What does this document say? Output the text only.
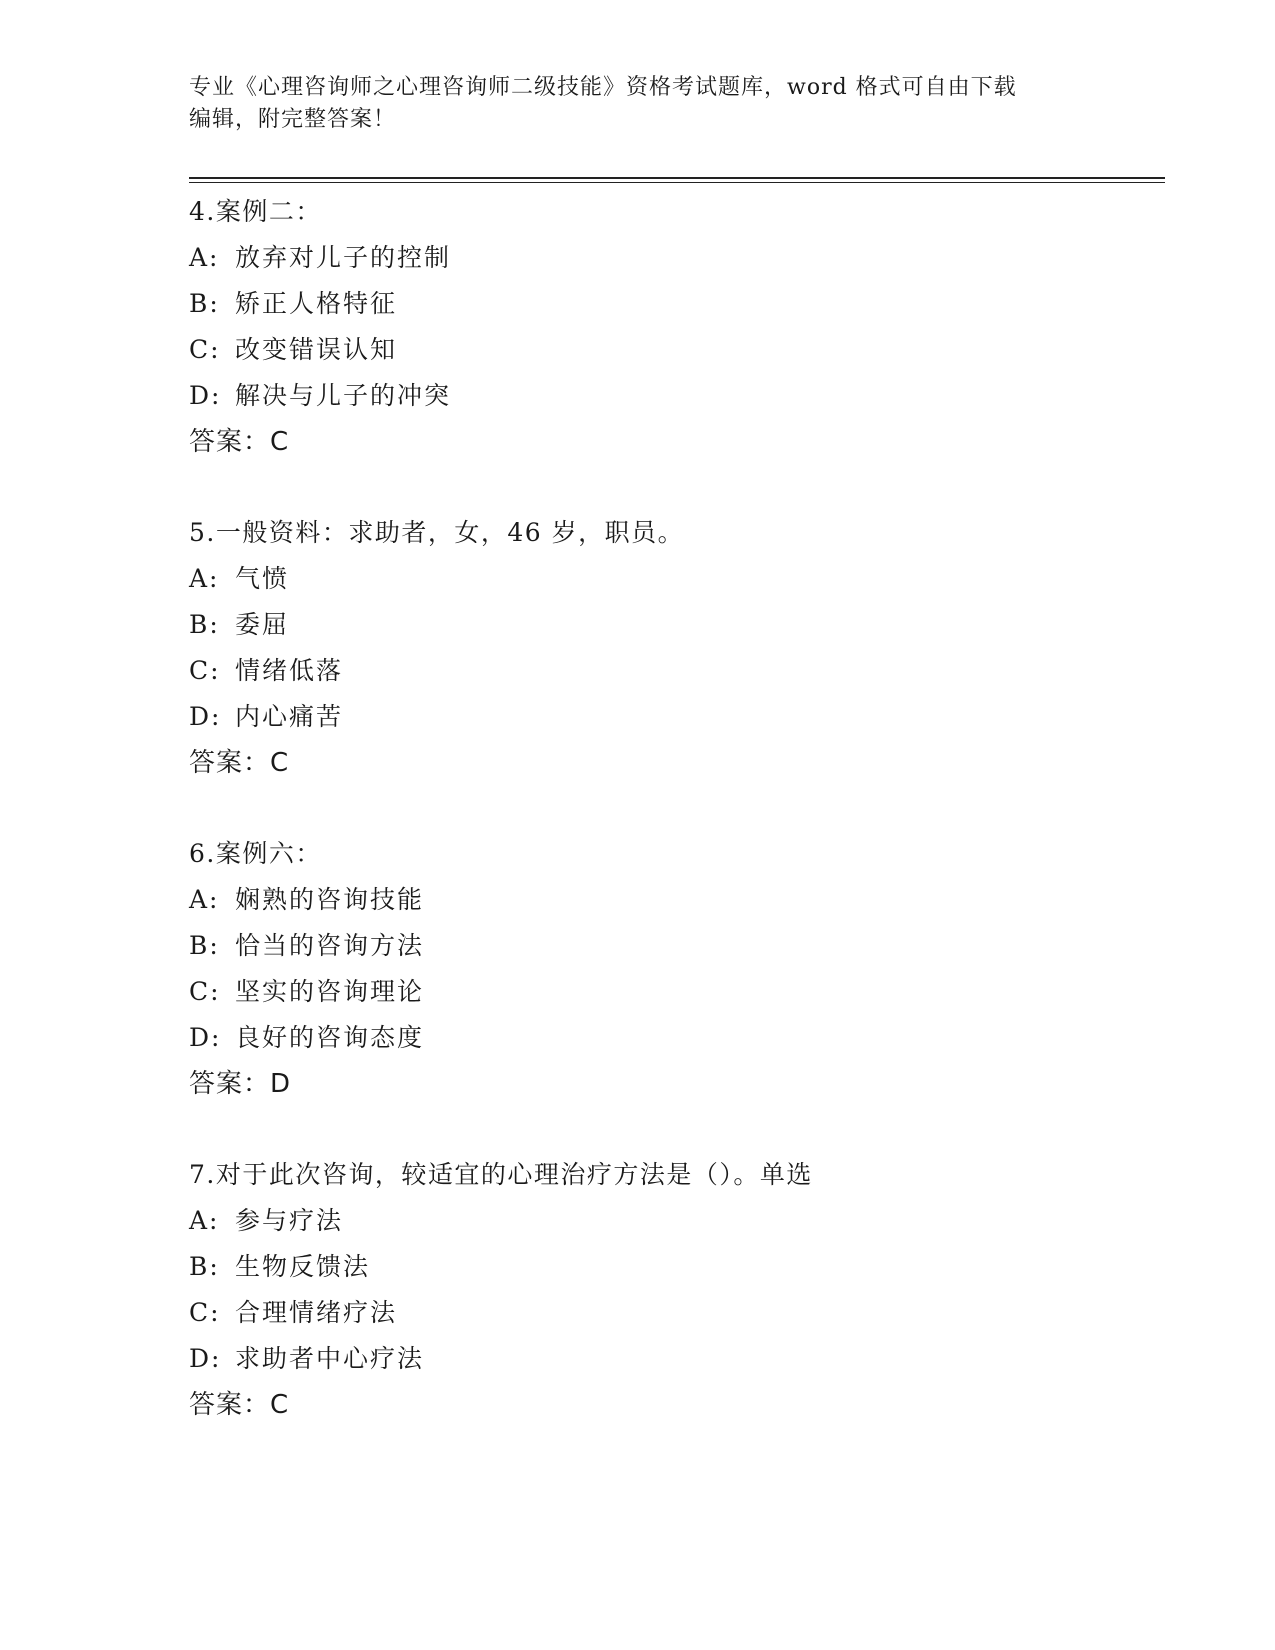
专业《心理咨询师之心理咨询师二级技能》资格考试题库，word 格式可自由下载
编辑，附完整答案！
4.案例二：
A: 放弃对儿子的控制
B: 矫正人格特征
C: 改变错误认知
D: 解决与儿子的冲突
答案：C
5.一般资料：求助者，女，46 岁，职员。
A: 气愤
B: 委屈
C: 情绪低落
D: 内心痛苦
答案：C
6.案例六：
A: 娴熟的咨询技能
B: 恰当的咨询方法
C: 坚实的咨询理论
D: 良好的咨询态度
答案：D
7.对于此次咨询，较适宜的心理治疗方法是（）。单选
A: 参与疗法
B: 生物反馈法
C: 合理情绪疗法
D: 求助者中心疗法
答案：C
